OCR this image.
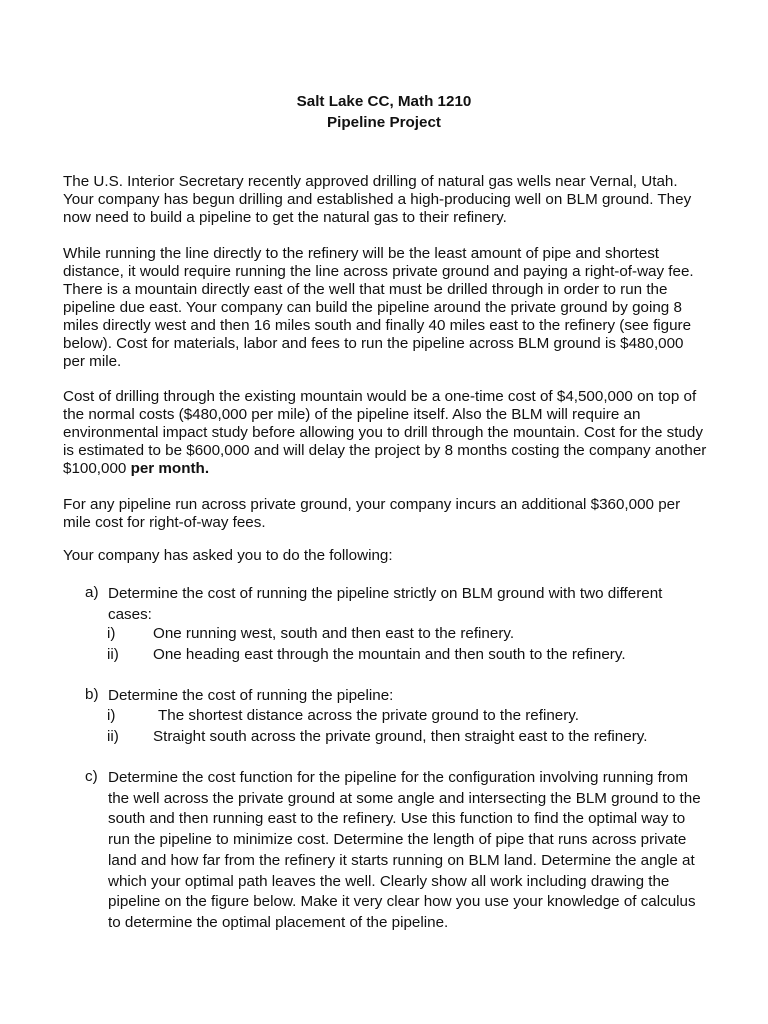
Salt Lake CC, Math 1210
Pipeline Project

The U.S. Interior Secretary recently approved drilling of natural gas wells near Vernal, Utah.
Your company has begun drilling and established a high-producing well on BLM ground. They
now need to build a pipeline to get the natural gas to their refinery.

While running the line directly to the refinery will be the least amount of pipe and shortest
distance, it would require running the line across private ground and paying a right-of-way fee.
There is a mountain directly east of the well that must be drilled through in order to run the
pipeline due east. Your company can build the pipeline around the private ground by going 8
miles directly west and then 16 miles south and finally 40 miles east to the refinery (see figure
below). Cost for materials, labor and fees to run the pipeline across BLM ground is $480,000
per mile.

Cost of drilling through the existing mountain would be a one-time cost of $4,500,000 on top of
the normal costs ($480,000 per mile) of the pipeline itself. Also the BLM will require an
environmental impact study before allowing you to drill through the mountain. Cost for the study
is estimated to be $600,000 and will delay the project by 8 months costing the company another
$100,000 per month.

For any pipeline run across private ground, your company incurs an additional $360,000 per
mile cost for right-of-way fees.

Your company has asked you to do the following:

a) Determine the cost of running the pipeline strictly on BLM ground with two different
cases:
i) One running west, south and then east to the refinery.
ii) One heading east through the mountain and then south to the refinery.
b) Determine the cost of running the pipeline:
i)	The shortest distance across the private ground to the refinery.
ii) Straight south across the private ground, then straight east to the refinery.
c) Determine the cost function for the pipeline for the configuration involving running from
the well across the private ground at some angle and intersecting the BLM ground to the
south and then running east to the refinery. Use this function to find the optimal way to
run the pipeline to minimize cost. Determine the length of pipe that runs across private
land and how far from the refinery it starts running on BLM land. Determine the angle at
which your optimal path leaves the well. Clearly show all work including drawing the
pipeline on the figure below. Make it very clear how you use your knowledge of calculus
to determine the optimal placement of the pipeline.
